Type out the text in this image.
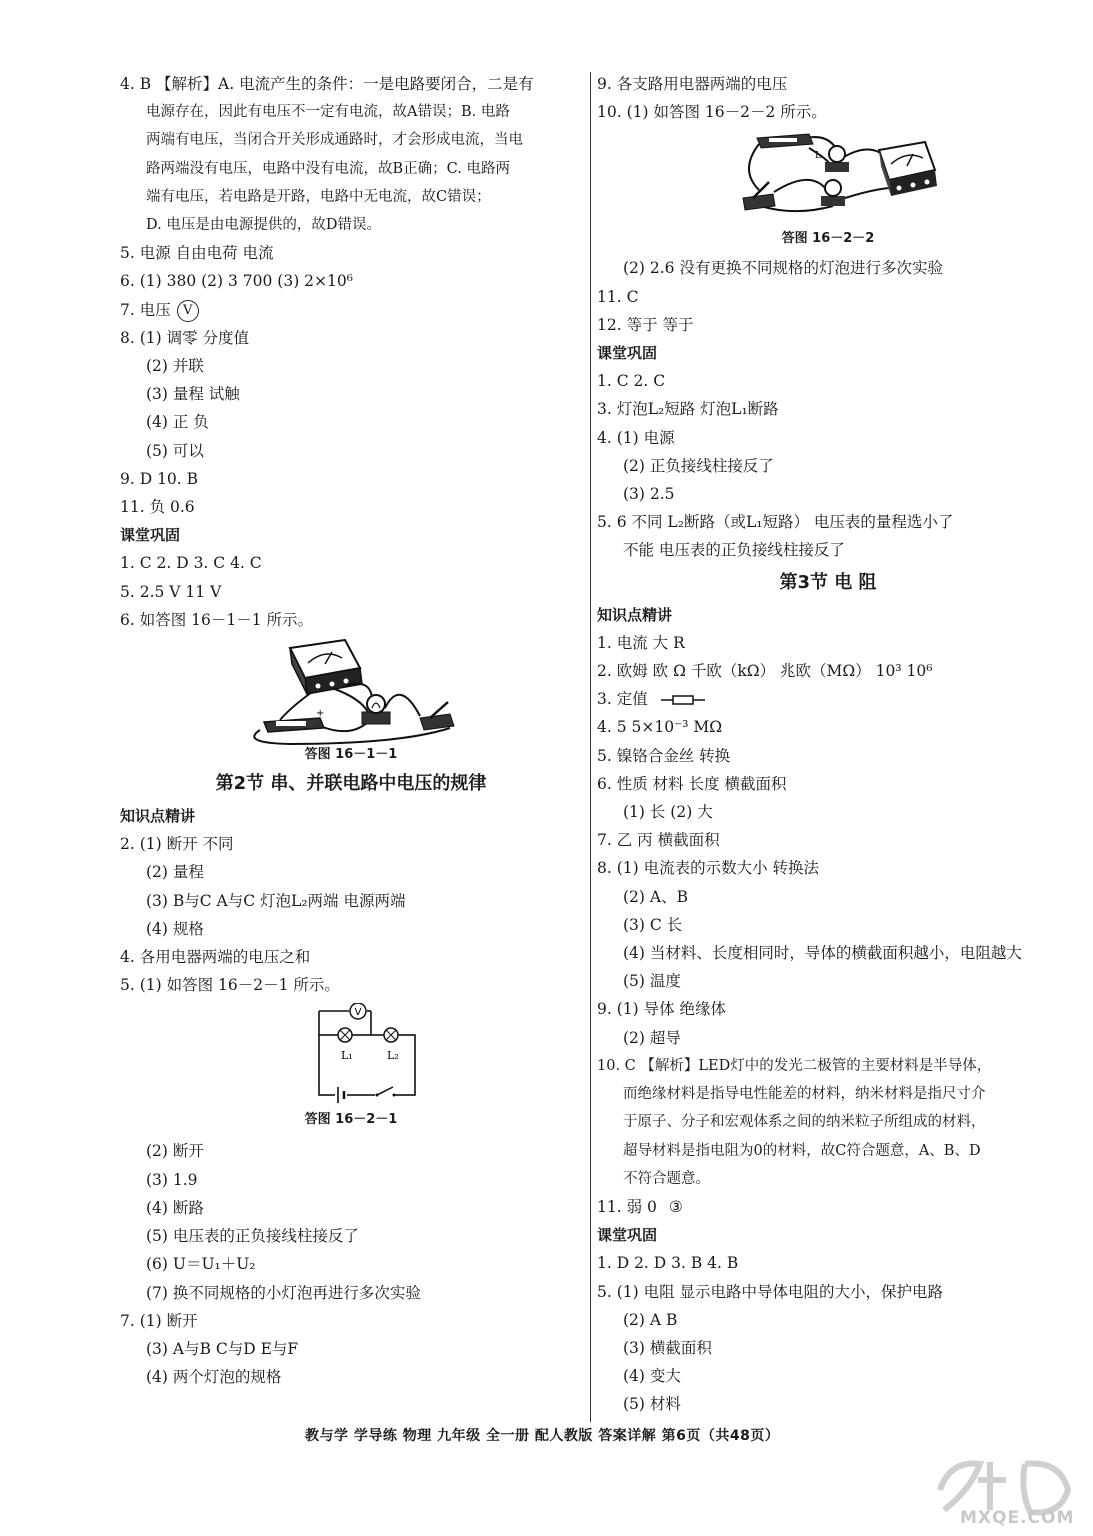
4. B 【解析】A. 电流产生的条件：一是电路要闭合，二是有
电源存在，因此有电压不一定有电流，故A错误；B. 电路
两端有电压，当闭合开关形成通路时，才会形成电流，当电
路两端没有电压，电路中没有电流，故B正确；C. 电路两
端有电压，若电路是开路，电路中无电流，故C错误；
D. 电压是由电源提供的，故D错误。
5. 电源 自由电荷 电流
6. (1) 380 (2) 3 700 (3) 2×10⁶
7. 电压 V
8. (1) 调零 分度值
(2) 并联
(3) 量程 试触
(4) 正 负
(5) 可以
9. D 10. B
11. 负 0.6
课堂巩固
1. C 2. D 3. C 4. C
5. 2.5 V 11 V
6. 如答图 16－1－1 所示。
+
答图 16－1－1
第2节 串、并联电路中电压的规律
知识点精讲
2. (1) 断开 不同
(2) 量程
(3) B与C A与C 灯泡L₂两端 电源两端
(4) 规格
4. 各用电器两端的电压之和
5. (1) 如答图 16－2－1 所示。
V
L₁	L₂
答图 16－2－1
(2) 断开
(3) 1.9
(4) 断路
(5) 电压表的正负接线柱接反了
(6) U＝U₁＋U₂
(7) 换不同规格的小灯泡再进行多次实验
7. (1) 断开
(3) A与B C与D E与F
(4) 两个灯泡的规格
9. 各支路用电器两端的电压
10. (1) 如答图 16－2－2 所示。
L
答图 16－2－2
(2) 2.6 没有更换不同规格的灯泡进行多次实验
11. C
12. 等于 等于
课堂巩固
1. C 2. C
3. 灯泡L₂短路 灯泡L₁断路
4. (1) 电源
(2) 正负接线柱接反了
(3) 2.5
5. 6 不同 L₂断路（或L₁短路） 电压表的量程选小了
不能 电压表的正负接线柱接反了
第3节 电 阻
知识点精讲
1. 电流 大 R
2. 欧姆 欧 Ω 千欧（kΩ） 兆欧（MΩ） 10³ 10⁶
3. 定值
4. 5 5×10⁻³ MΩ
5. 镍铬合金丝 转换
6. 性质 材料 长度 横截面积
(1) 长 (2) 大
7. 乙 丙 横截面积
8. (1) 电流表的示数大小 转换法
(2) A、B
(3) C 长
(4) 当材料、长度相同时，导体的横截面积越小，电阻越大
(5) 温度
9. (1) 导体 绝缘体
(2) 超导
10. C 【解析】LED灯中的发光二极管的主要材料是半导体，
而绝缘材料是指导电性能差的材料，纳米材料是指尺寸介
于原子、分子和宏观体系之间的纳米粒子所组成的材料，
超导材料是指电阻为0的材料，故C符合题意，A、B、D
不符合题意。
11. 弱 0 ③
课堂巩固
1. D 2. D 3. B 4. B
5. (1) 电阻 显示电路中导体电阻的大小，保护电路
(2) A B
(3) 横截面积
(4) 变大
(5) 材料
教与学 学导练 物理 九年级 全一册 配人教版 答案详解 第6页（共48页）
MXQE.COM
